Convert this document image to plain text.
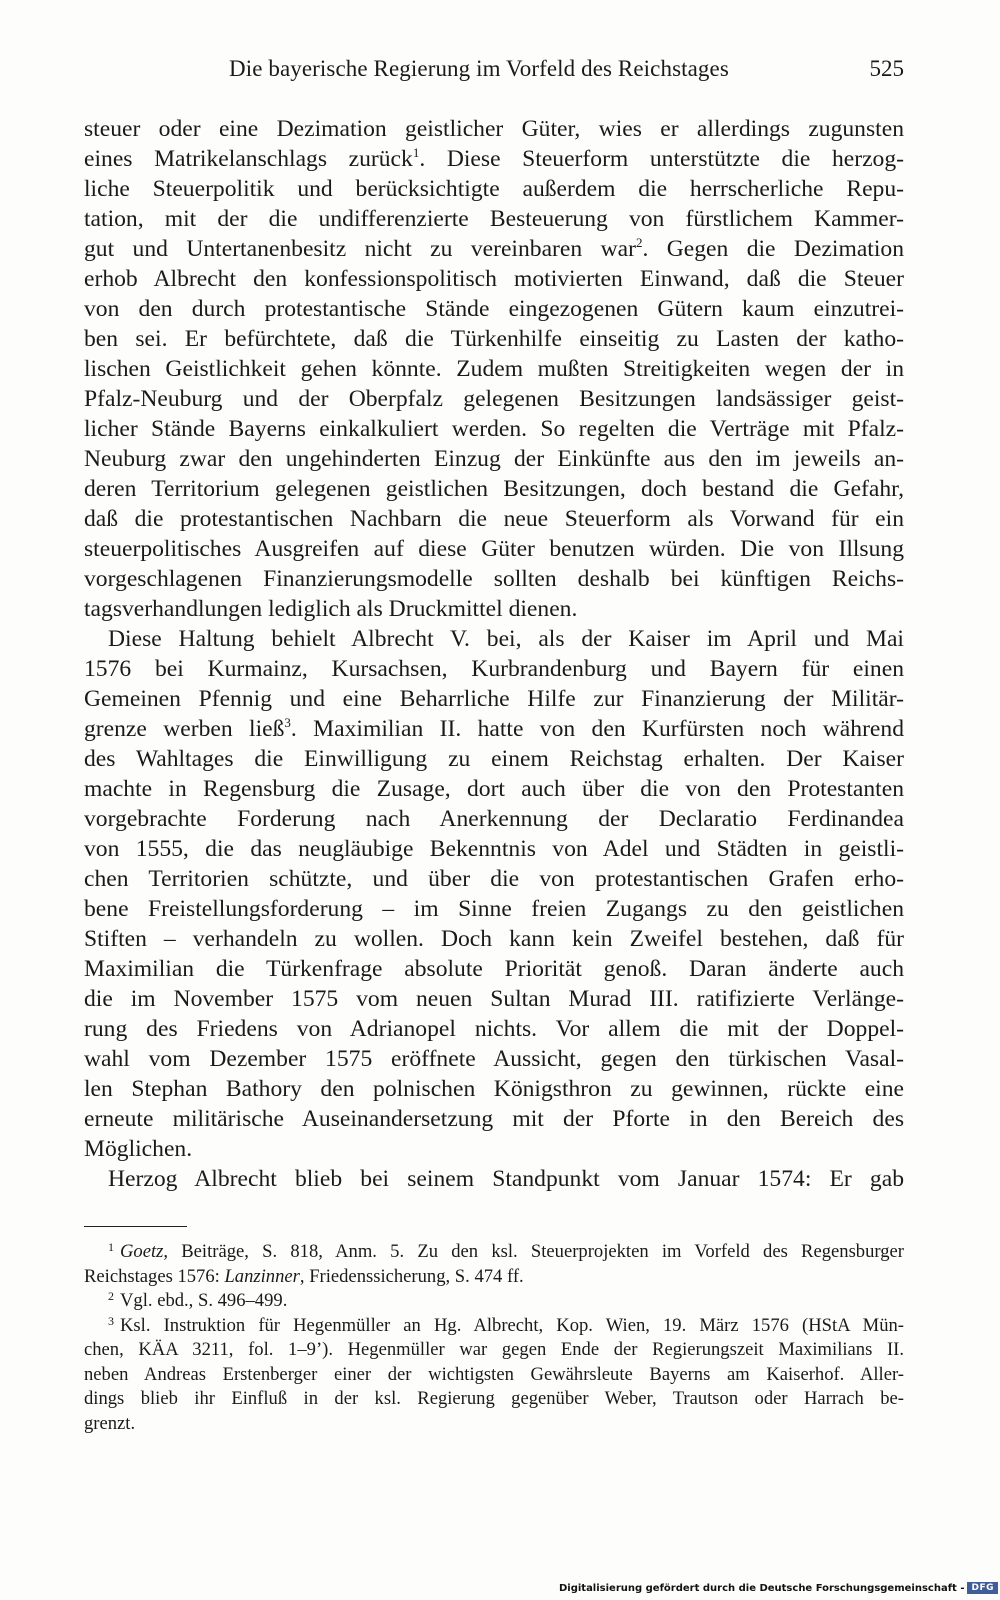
Die bayerische Regierung im Vorfeld des Reichstages	525
steuer oder eine Dezimation geistlicher Güter, wies er allerdings zugunsten
eines Matrikelanschlags zurück$^1$. Diese Steuerform unterstützte die herzog-
liche Steuerpolitik und berücksichtigte außerdem die herrscherliche Repu-
tation, mit der die undifferenzierte Besteuerung von fürstlichem Kammer-
gut und Untertanenbesitz nicht zu vereinbaren war$^2$. Gegen die Dezimation
erhob Albrecht den konfessionspolitisch motivierten Einwand, daß die Steuer
von den durch protestantische Stände eingezogenen Gütern kaum einzutrei-
ben sei. Er befürchtete, daß die Türkenhilfe einseitig zu Lasten der katho-
lischen Geistlichkeit gehen könnte. Zudem mußten Streitigkeiten wegen der in
Pfalz-Neuburg und der Oberpfalz gelegenen Besitzungen landsässiger geist-
licher Stände Bayerns einkalkuliert werden. So regelten die Verträge mit Pfalz-
Neuburg zwar den ungehinderten Einzug der Einkünfte aus den im jeweils an-
deren Territorium gelegenen geistlichen Besitzungen, doch bestand die Gefahr,
daß die protestantischen Nachbarn die neue Steuerform als Vorwand für ein
steuerpolitisches Ausgreifen auf diese Güter benutzen würden. Die von Illsung
vorgeschlagenen Finanzierungsmodelle sollten deshalb bei künftigen Reichs-
tagsverhandlungen lediglich als Druckmittel dienen.
Diese Haltung behielt Albrecht V. bei, als der Kaiser im April und Mai
1576 bei Kurmainz, Kursachsen, Kurbrandenburg und Bayern für einen
Gemeinen Pfennig und eine Beharrliche Hilfe zur Finanzierung der Militär-
grenze werben ließ$^3$. Maximilian II. hatte von den Kurfürsten noch während
des Wahltages die Einwilligung zu einem Reichstag erhalten. Der Kaiser
machte in Regensburg die Zusage, dort auch über die von den Protestanten
vorgebrachte Forderung nach Anerkennung der Declaratio Ferdinandea
von 1555, die das neugläubige Bekenntnis von Adel und Städten in geistli-
chen Territorien schützte, und über die von protestantischen Grafen erho-
bene Freistellungsforderung – im Sinne freien Zugangs zu den geistlichen
Stiften – verhandeln zu wollen. Doch kann kein Zweifel bestehen, daß für
Maximilian die Türkenfrage absolute Priorität genoß. Daran änderte auch
die im November 1575 vom neuen Sultan Murad III. ratifizierte Verlänge-
rung des Friedens von Adrianopel nichts. Vor allem die mit der Doppel-
wahl vom Dezember 1575 eröffnete Aussicht, gegen den türkischen Vasal-
len Stephan Bathory den polnischen Königsthron zu gewinnen, rückte eine
erneute militärische Auseinandersetzung mit der Pforte in den Bereich des
Möglichen.
Herzog Albrecht blieb bei seinem Standpunkt vom Januar 1574: Er gab
$^1$ Goetz, Beiträge, S. 818, Anm. 5. Zu den ksl. Steuerprojekten im Vorfeld des Regensburger
Reichstages 1576: Lanzinner, Friedenssicherung, S. 474 ff.
$^2$ Vgl. ebd., S. 496–499.
$^3$ Ksl. Instruktion für Hegenmüller an Hg. Albrecht, Kop. Wien, 19. März 1576 (HStA Mün-
chen, KÄA 3211, fol. 1–9’). Hegenmüller war gegen Ende der Regierungszeit Maximilians II.
neben Andreas Erstenberger einer der wichtigsten Gewährsleute Bayerns am Kaiserhof. Aller-
dings blieb ihr Einfluß in der ksl. Regierung gegenüber Weber, Trautson oder Harrach be-
grenzt.
Digitalisierung gefördert durch die Deutsche Forschungsgemeinschaft - DFG
